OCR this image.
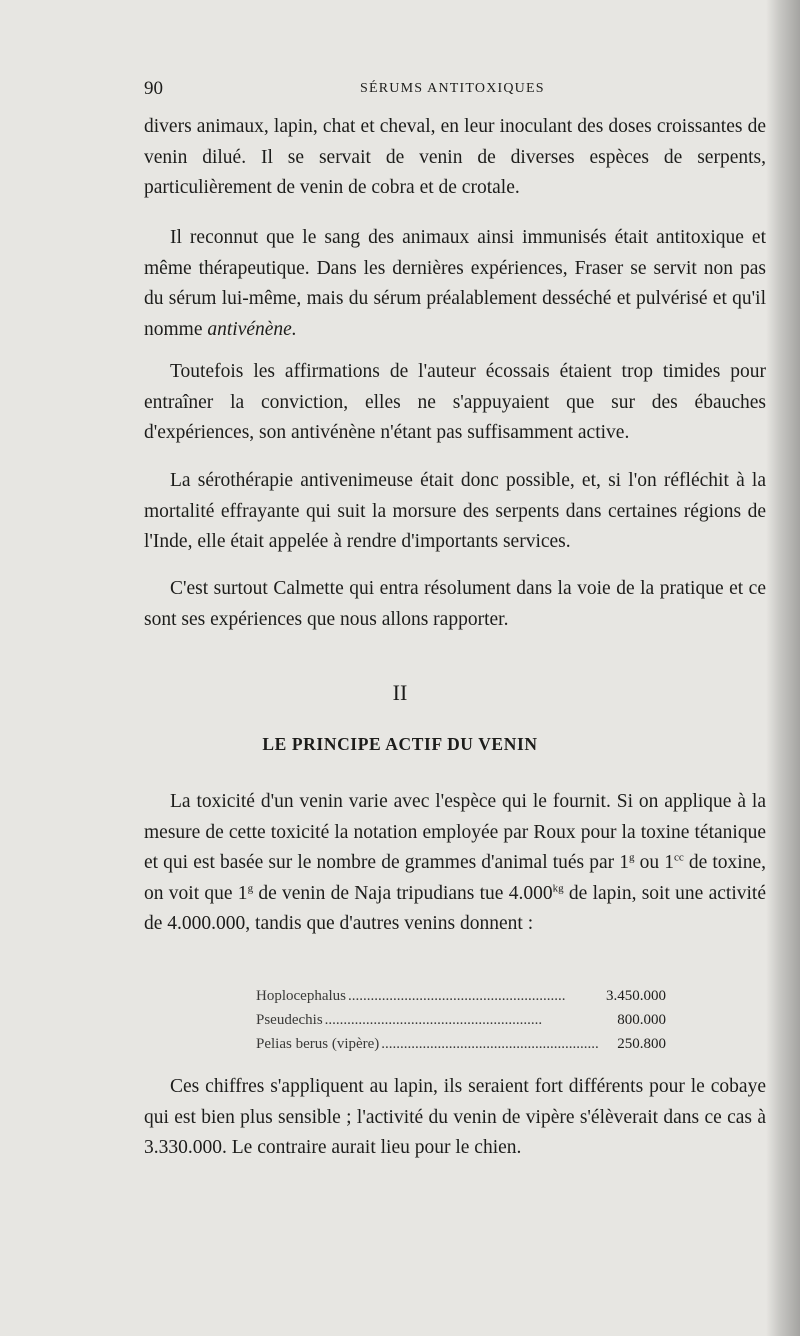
90	SÉRUMS ANTITOXIQUES

divers animaux, lapin, chat et cheval, en leur inoculant des doses croissantes de venin dilué. Il se servait de venin de diverses espèces de serpents, particulièrement de venin de cobra et de crotale.

Il reconnut que le sang des animaux ainsi immunisés était antitoxique et même thérapeutique. Dans les dernières expériences, Fraser se servit non pas du sérum lui-même, mais du sérum préalablement desséché et pulvérisé et qu'il nomme antivénène.

Toutefois les affirmations de l'auteur écossais étaient trop timides pour entraîner la conviction, elles ne s'appuyaient que sur des ébauches d'expériences, son antivénène n'étant pas suffisamment active.

La sérothérapie antivenimeuse était donc possible, et, si l'on réfléchit à la mortalité effrayante qui suit la morsure des serpents dans certaines régions de l'Inde, elle était appelée à rendre d'importants services.

C'est surtout Calmette qui entra résolument dans la voie de la pratique et ce sont ses expériences que nous allons rapporter.

II
LE PRINCIPE ACTIF DU VENIN

La toxicité d'un venin varie avec l'espèce qui le fournit. Si on applique à la mesure de cette toxicité la notation employée par Roux pour la toxine tétanique et qui est basée sur le nombre de grammes d'animal tués par 1$^g$ ou $1^{cc}$ de toxine, on voit que 1$^g$ de venin de Naja tripudians tue $4.000^{kg}$ de lapin, soit une activité de 4.000.000, tandis que d'autres venins donnent :

Hoplocephalus ..........................................................	3.450.000
Pseudechis ..........................................................	800.000
Pelias berus (vipère) .......................................................... 250.800

Ces chiffres s'appliquent au lapin, ils seraient fort différents pour le cobaye qui est bien plus sensible ; l'activité du venin de vipère s'élèverait dans ce cas à 3.330.000. Le contraire aurait lieu pour le chien.
